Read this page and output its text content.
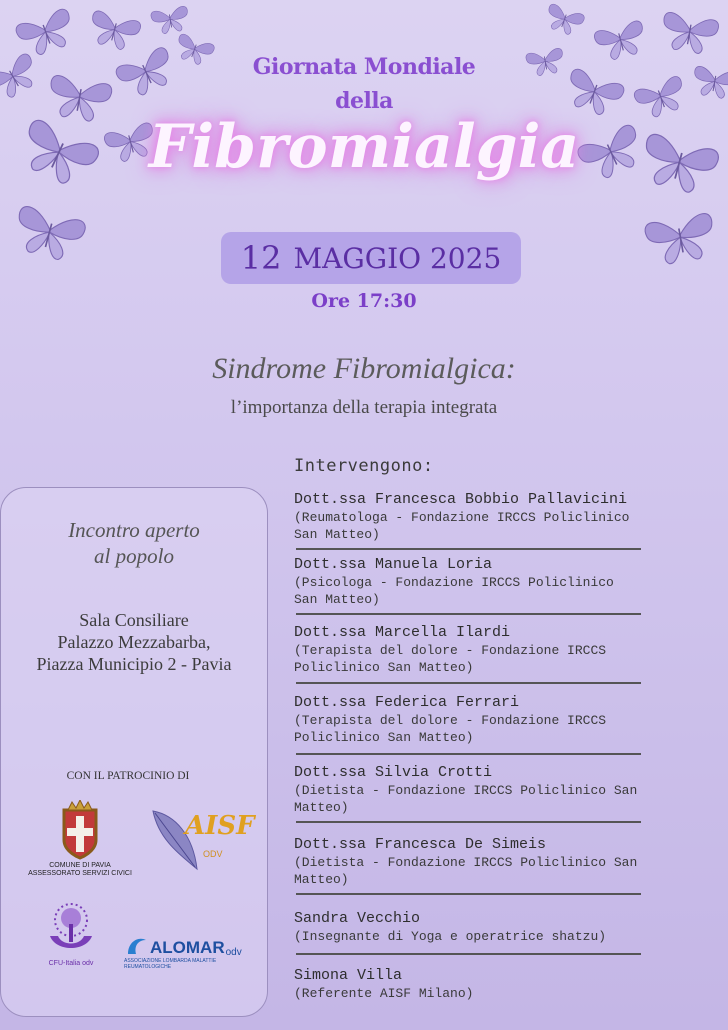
Giornata Mondiale
della
Fibromialgia
12 MAGGIO 2025
Ore 17:30
Sindrome Fibromialgica:
l’importanza della terapia integrata
Incontro aperto
al popolo
Sala Consiliare
Palazzo Mezzabarba,
Piazza Municipio 2 - Pavia
CON IL PATROCINIO DI
COMUNE DI PAVIA
ASSESSORATO SERVIZI CIVICI
AISF
ODV
CFU-Italia odv
ALOMAR odv
ASSOCIAZIONE LOMBARDA MALATTIE REUMATOLOGICHE
Intervengono:
Dott.ssa Francesca Bobbio Pallavicini
(Reumatologa - Fondazione IRCCS Policlinico
San Matteo)
Dott.ssa Manuela Loria
(Psicologa - Fondazione IRCCS Policlinico
San Matteo)
Dott.ssa Marcella Ilardi
(Terapista del dolore - Fondazione IRCCS
Policlinico San Matteo)
Dott.ssa Federica Ferrari
(Terapista del dolore - Fondazione IRCCS
Policlinico San Matteo)
Dott.ssa Silvia Crotti
(Dietista - Fondazione IRCCS Policlinico San
Matteo)
Dott.ssa Francesca De Simeis
(Dietista - Fondazione IRCCS Policlinico San
Matteo)
Sandra Vecchio
(Insegnante di Yoga e operatrice shatzu)
Simona Villa
(Referente AISF Milano)
